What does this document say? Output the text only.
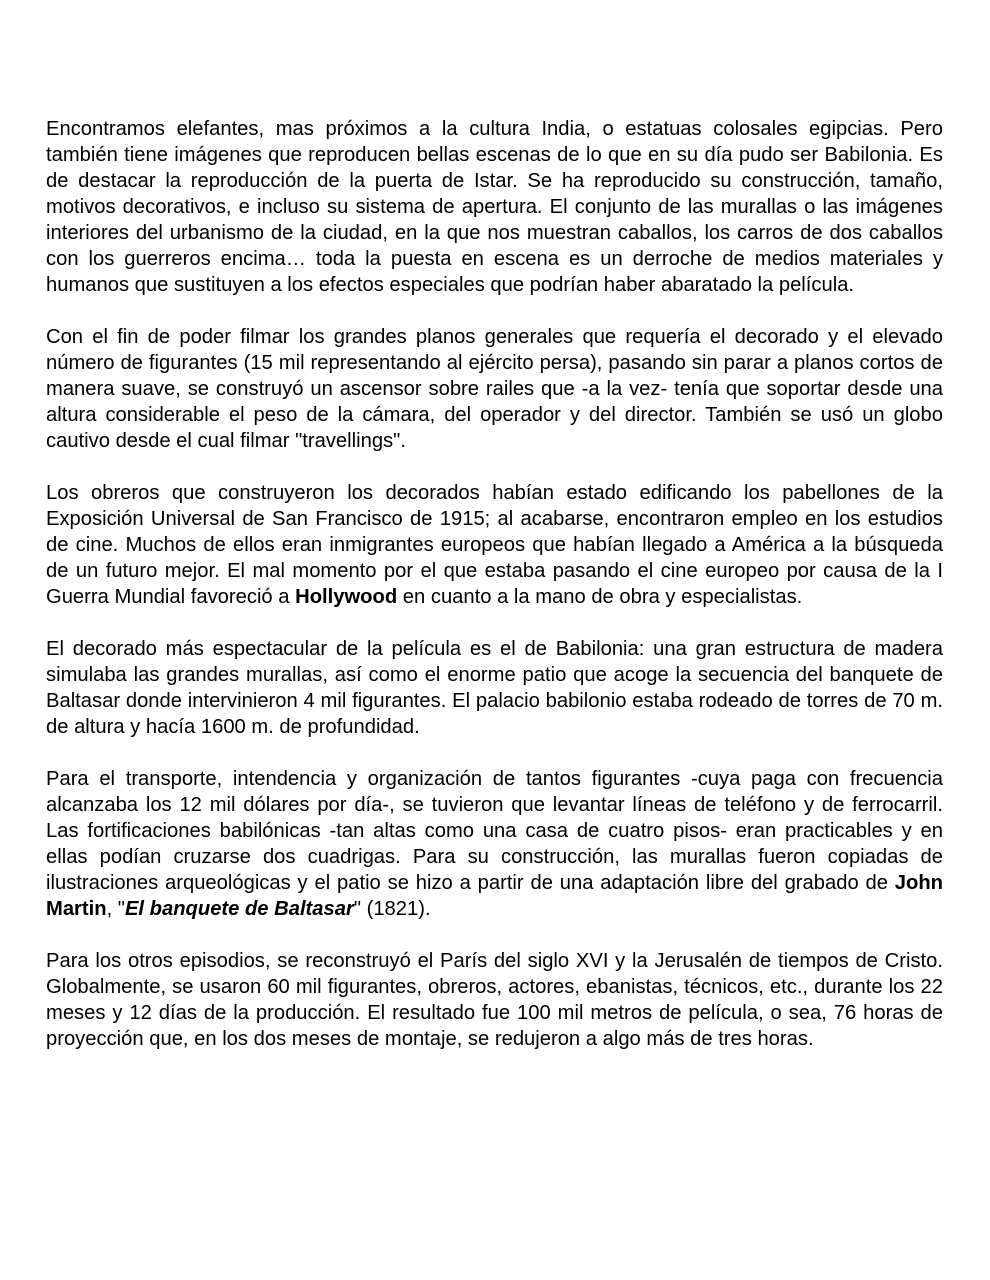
Encontramos elefantes, mas próximos a la cultura India, o estatuas colosales egipcias. Pero también tiene imágenes que reproducen bellas escenas de lo que en su día pudo ser Babilonia. Es de destacar la reproducción de la puerta de Istar. Se ha reproducido su construcción, tamaño, motivos decorativos, e incluso su sistema de apertura. El conjunto de las murallas o las imágenes interiores del urbanismo de la ciudad, en la que nos muestran caballos, los carros de dos caballos con los guerreros encima… toda la puesta en escena es un derroche de medios materiales y humanos que sustituyen a los efectos especiales que podrían haber abaratado la película.

Con el fin de poder filmar los grandes planos generales que requería el decorado y el elevado número de figurantes (15 mil representando al ejército persa), pasando sin parar a planos cortos de manera suave, se construyó un ascensor sobre railes que -a la vez- tenía que soportar desde una altura considerable el peso de la cámara, del operador y del director. También se usó un globo cautivo desde el cual filmar "travellings".

Los obreros que construyeron los decorados habían estado edificando los pabellones de la Exposición Universal de San Francisco de 1915; al acabarse, encontraron empleo en los estudios de cine. Muchos de ellos eran inmigrantes europeos que habían llegado a América a la búsqueda de un futuro mejor. El mal momento por el que estaba pasando el cine europeo por causa de la I Guerra Mundial favoreció a Hollywood en cuanto a la mano de obra y especialistas.

El decorado más espectacular de la película es el de Babilonia: una gran estructura de madera simulaba las grandes murallas, así como el enorme patio que acoge la secuencia del banquete de Baltasar donde intervinieron 4 mil figurantes. El palacio babilonio estaba rodeado de torres de 70 m. de altura y hacía 1600 m. de profundidad.

Para el transporte, intendencia y organización de tantos figurantes -cuya paga con frecuencia alcanzaba los 12 mil dólares por día-, se tuvieron que levantar líneas de teléfono y de ferrocarril. Las fortificaciones babilónicas -tan altas como una casa de cuatro pisos- eran practicables y en ellas podían cruzarse dos cuadrigas. Para su construcción, las murallas fueron copiadas de ilustraciones arqueológicas y el patio se hizo a partir de una adaptación libre del grabado de John Martin, "El banquete de Baltasar" (1821).

Para los otros episodios, se reconstruyó el París del siglo XVI y la Jerusalén de tiempos de Cristo. Globalmente, se usaron 60 mil figurantes, obreros, actores, ebanistas, técnicos, etc., durante los 22 meses y 12 días de la producción. El resultado fue 100 mil metros de película, o sea, 76 horas de proyección que, en los dos meses de montaje, se redujeron a algo más de tres horas.
